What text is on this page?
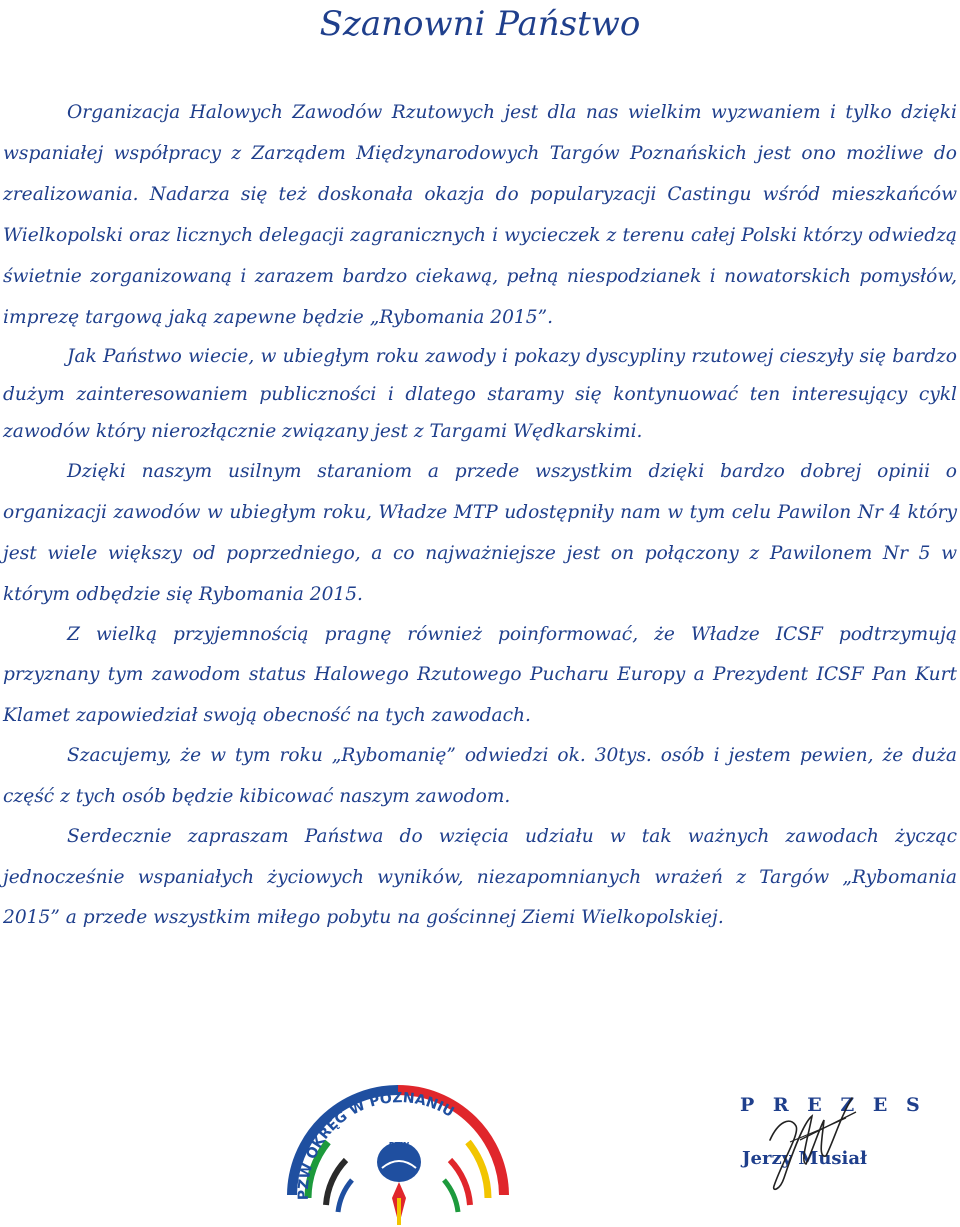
Szanowni Państwo

Organizacja Halowych Zawodów Rzutowych jest dla nas wielkim wyzwaniem i tylko dzięki wspaniałej współpracy z Zarządem Międzynarodowych Targów Poznańskich jest ono możliwe do zrealizowania. Nadarza się też doskonała okazja do popularyzacji Castingu wśród mieszkańców Wielkopolski oraz licznych delegacji zagranicznych i wycieczek z terenu całej Polski którzy odwiedzą świetnie zorganizowaną i zarazem bardzo ciekawą, pełną niespodzianek i nowatorskich pomysłów, imprezę targową jaką zapewne będzie „Rybomania 2015”.

Jak Państwo wiecie, w ubiegłym roku zawody i pokazy dyscypliny rzutowej cieszyły się bardzo dużym zainteresowaniem publiczności i dlatego staramy się kontynuować ten interesujący cykl zawodów który nierozłącznie związany jest z Targami Wędkarskimi.

Dzięki naszym usilnym staraniom a przede wszystkim dzięki bardzo dobrej opinii o organizacji zawodów w ubiegłym roku, Władze MTP udostępniły nam w tym celu Pawilon Nr 4 który jest wiele większy od poprzedniego, a co najważniejsze jest on połączony z Pawilonem Nr 5 w którym odbędzie się Rybomania 2015.

Z wielką przyjemnością pragnę również poinformować, że Władze ICSF podtrzymują przyznany tym zawodom status Halowego Rzutowego Pucharu Europy a Prezydent ICSF Pan Kurt Klamet zapowiedział swoją obecność na tych zawodach.

Szacujemy, że w tym roku „Rybomanię” odwiedzi ok. 30tys. osób i jestem pewien, że duża część z tych osób będzie kibicować naszym zawodom.

Serdecznie zapraszam Państwa do wzięcia udziału w tak ważnych zawodach życząc jednocześnie wspaniałych życiowych wyników, niezapomnianych wrażeń z Targów „Rybomania 2015” a przede wszystkim miłego pobytu na gościnnej Ziemi Wielkopolskiej.

PZW OKRĘG W POZNANIU
PZW
P R E Z E S
Jerzy Musiał
